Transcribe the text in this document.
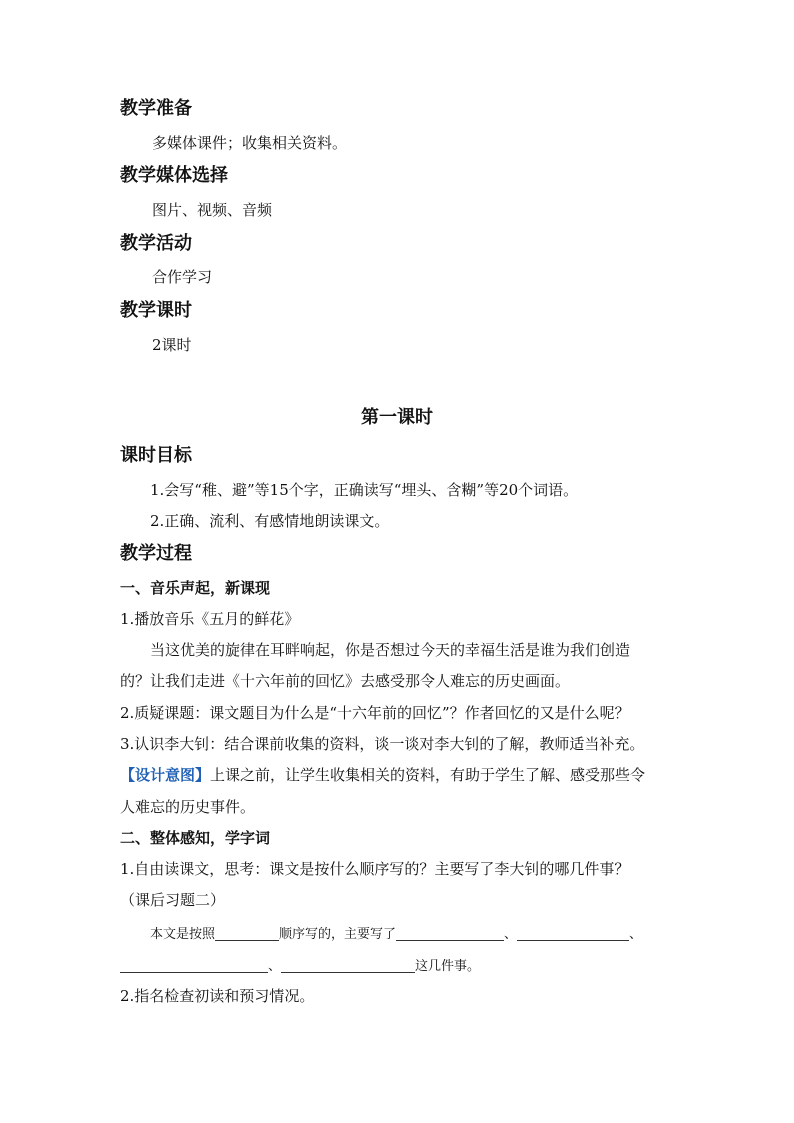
教学准备
多媒体课件；收集相关资料。
教学媒体选择
图片、视频、音频
教学活动
合作学习
教学课时
2课时
第一课时
课时目标
1.会写“稚、避”等15个字，正确读写“埋头、含糊”等20个词语。
2.正确、流利、有感情地朗读课文。
教学过程
一、音乐声起，新课现
1.播放音乐《五月的鲜花》
当这优美的旋律在耳畔响起，你是否想过今天的幸福生活是谁为我们创造
的？让我们走进《十六年前的回忆》去感受那令人难忘的历史画面。
2.质疑课题：课文题目为什么是“十六年前的回忆”？作者回忆的又是什么呢？
3.认识李大钊：结合课前收集的资料，谈一谈对李大钊的了解，教师适当补充。
【设计意图】上课之前，让学生收集相关的资料，有助于学生了解、感受那些令
人难忘的历史事件。
二、整体感知，学字词
1.自由读课文，思考：课文是按什么顺序写的？主要写了李大钊的哪几件事？
（课后习题二）
本文是按照	顺序写的，主要写了	、	、
、	这几件事。
2.指名检查初读和预习情况。
